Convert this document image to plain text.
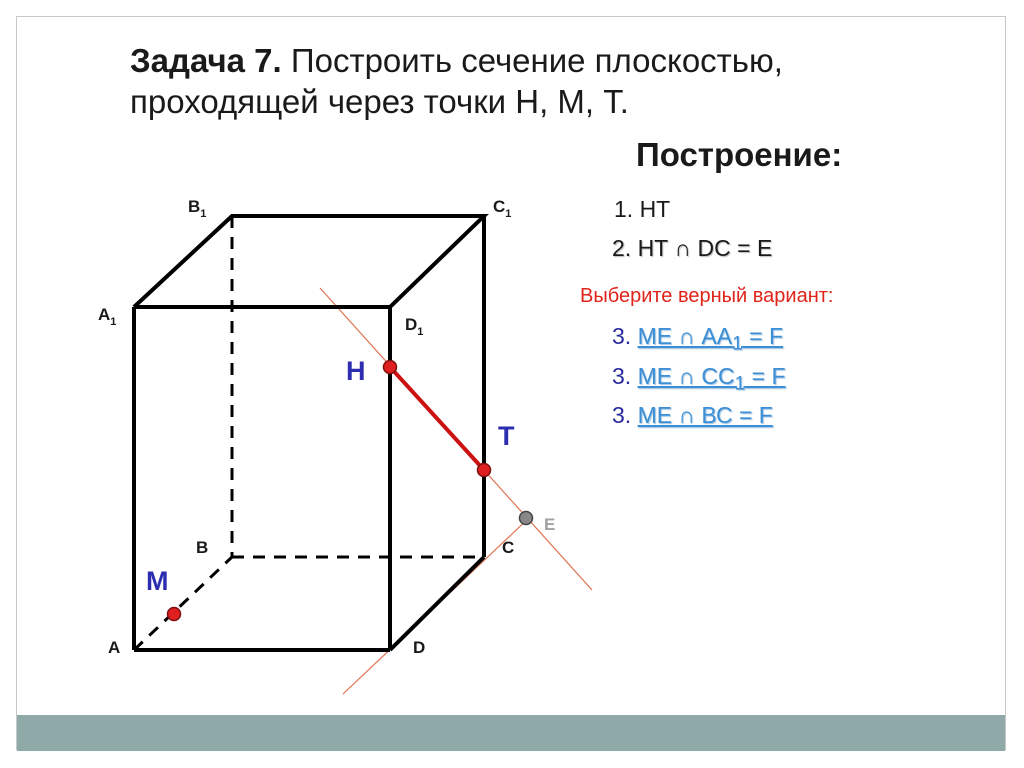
Задача 7. Построить сечение плоскостью,
проходящей через точки Н, М, Т.
Построение:
1. НТ
2. НТ ∩ DC = E
Выберите верный вариант:
3. МЕ ∩ $АА_1 = F$
3. МЕ ∩ $СС_1 = F$
3. МЕ ∩ ВС = F
$B_1$	$C_1$
$A_1$	$D_1$
B	C
A	D
Н
Т
М
Е
